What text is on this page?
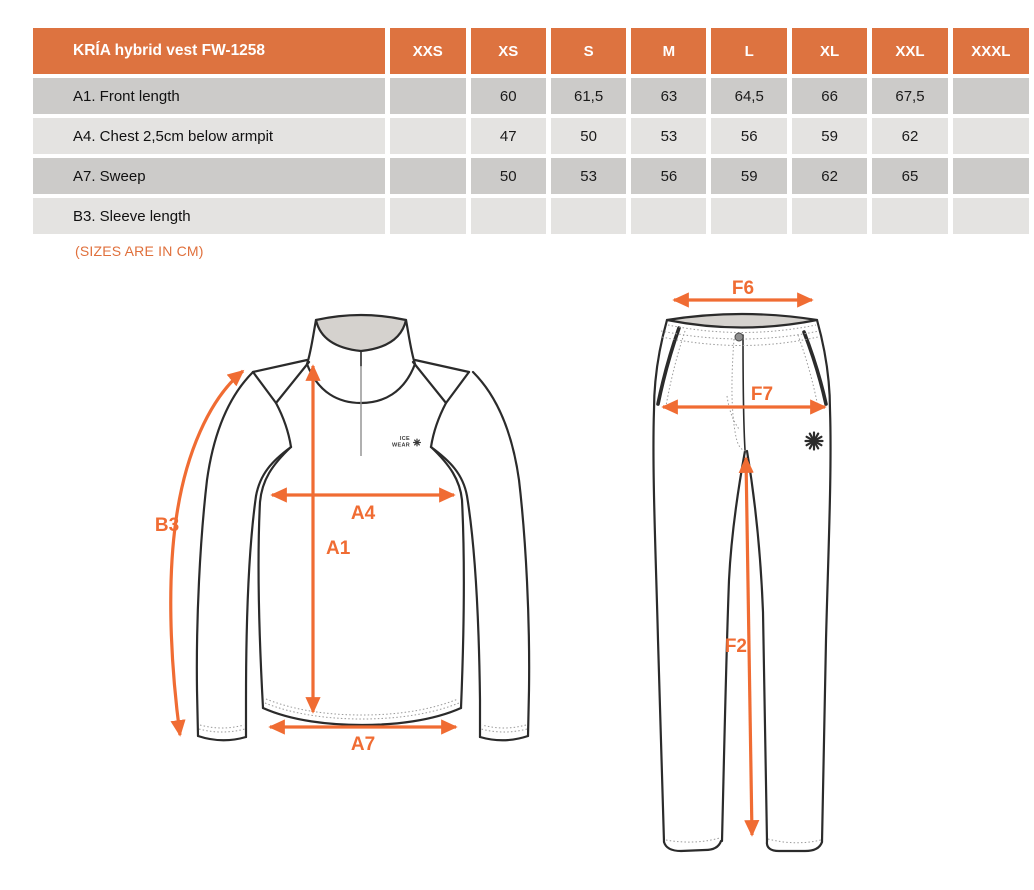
KRÍA hybrid vest FW-1258	XXS	XS	S	M	L	XL	XXL	XXXL
A1. Front length		60	61,5	63	64,5	66	67,5	
A4. Chest 2,5cm below armpit		47	50	53	56	59	62	
A7. Sweep		50	53	56	59	62	65	
B3. Sleeve length								
(SIZES ARE IN CM)
ICE
WEAR
A1
A4
A7
B3
F6
F7
F2
